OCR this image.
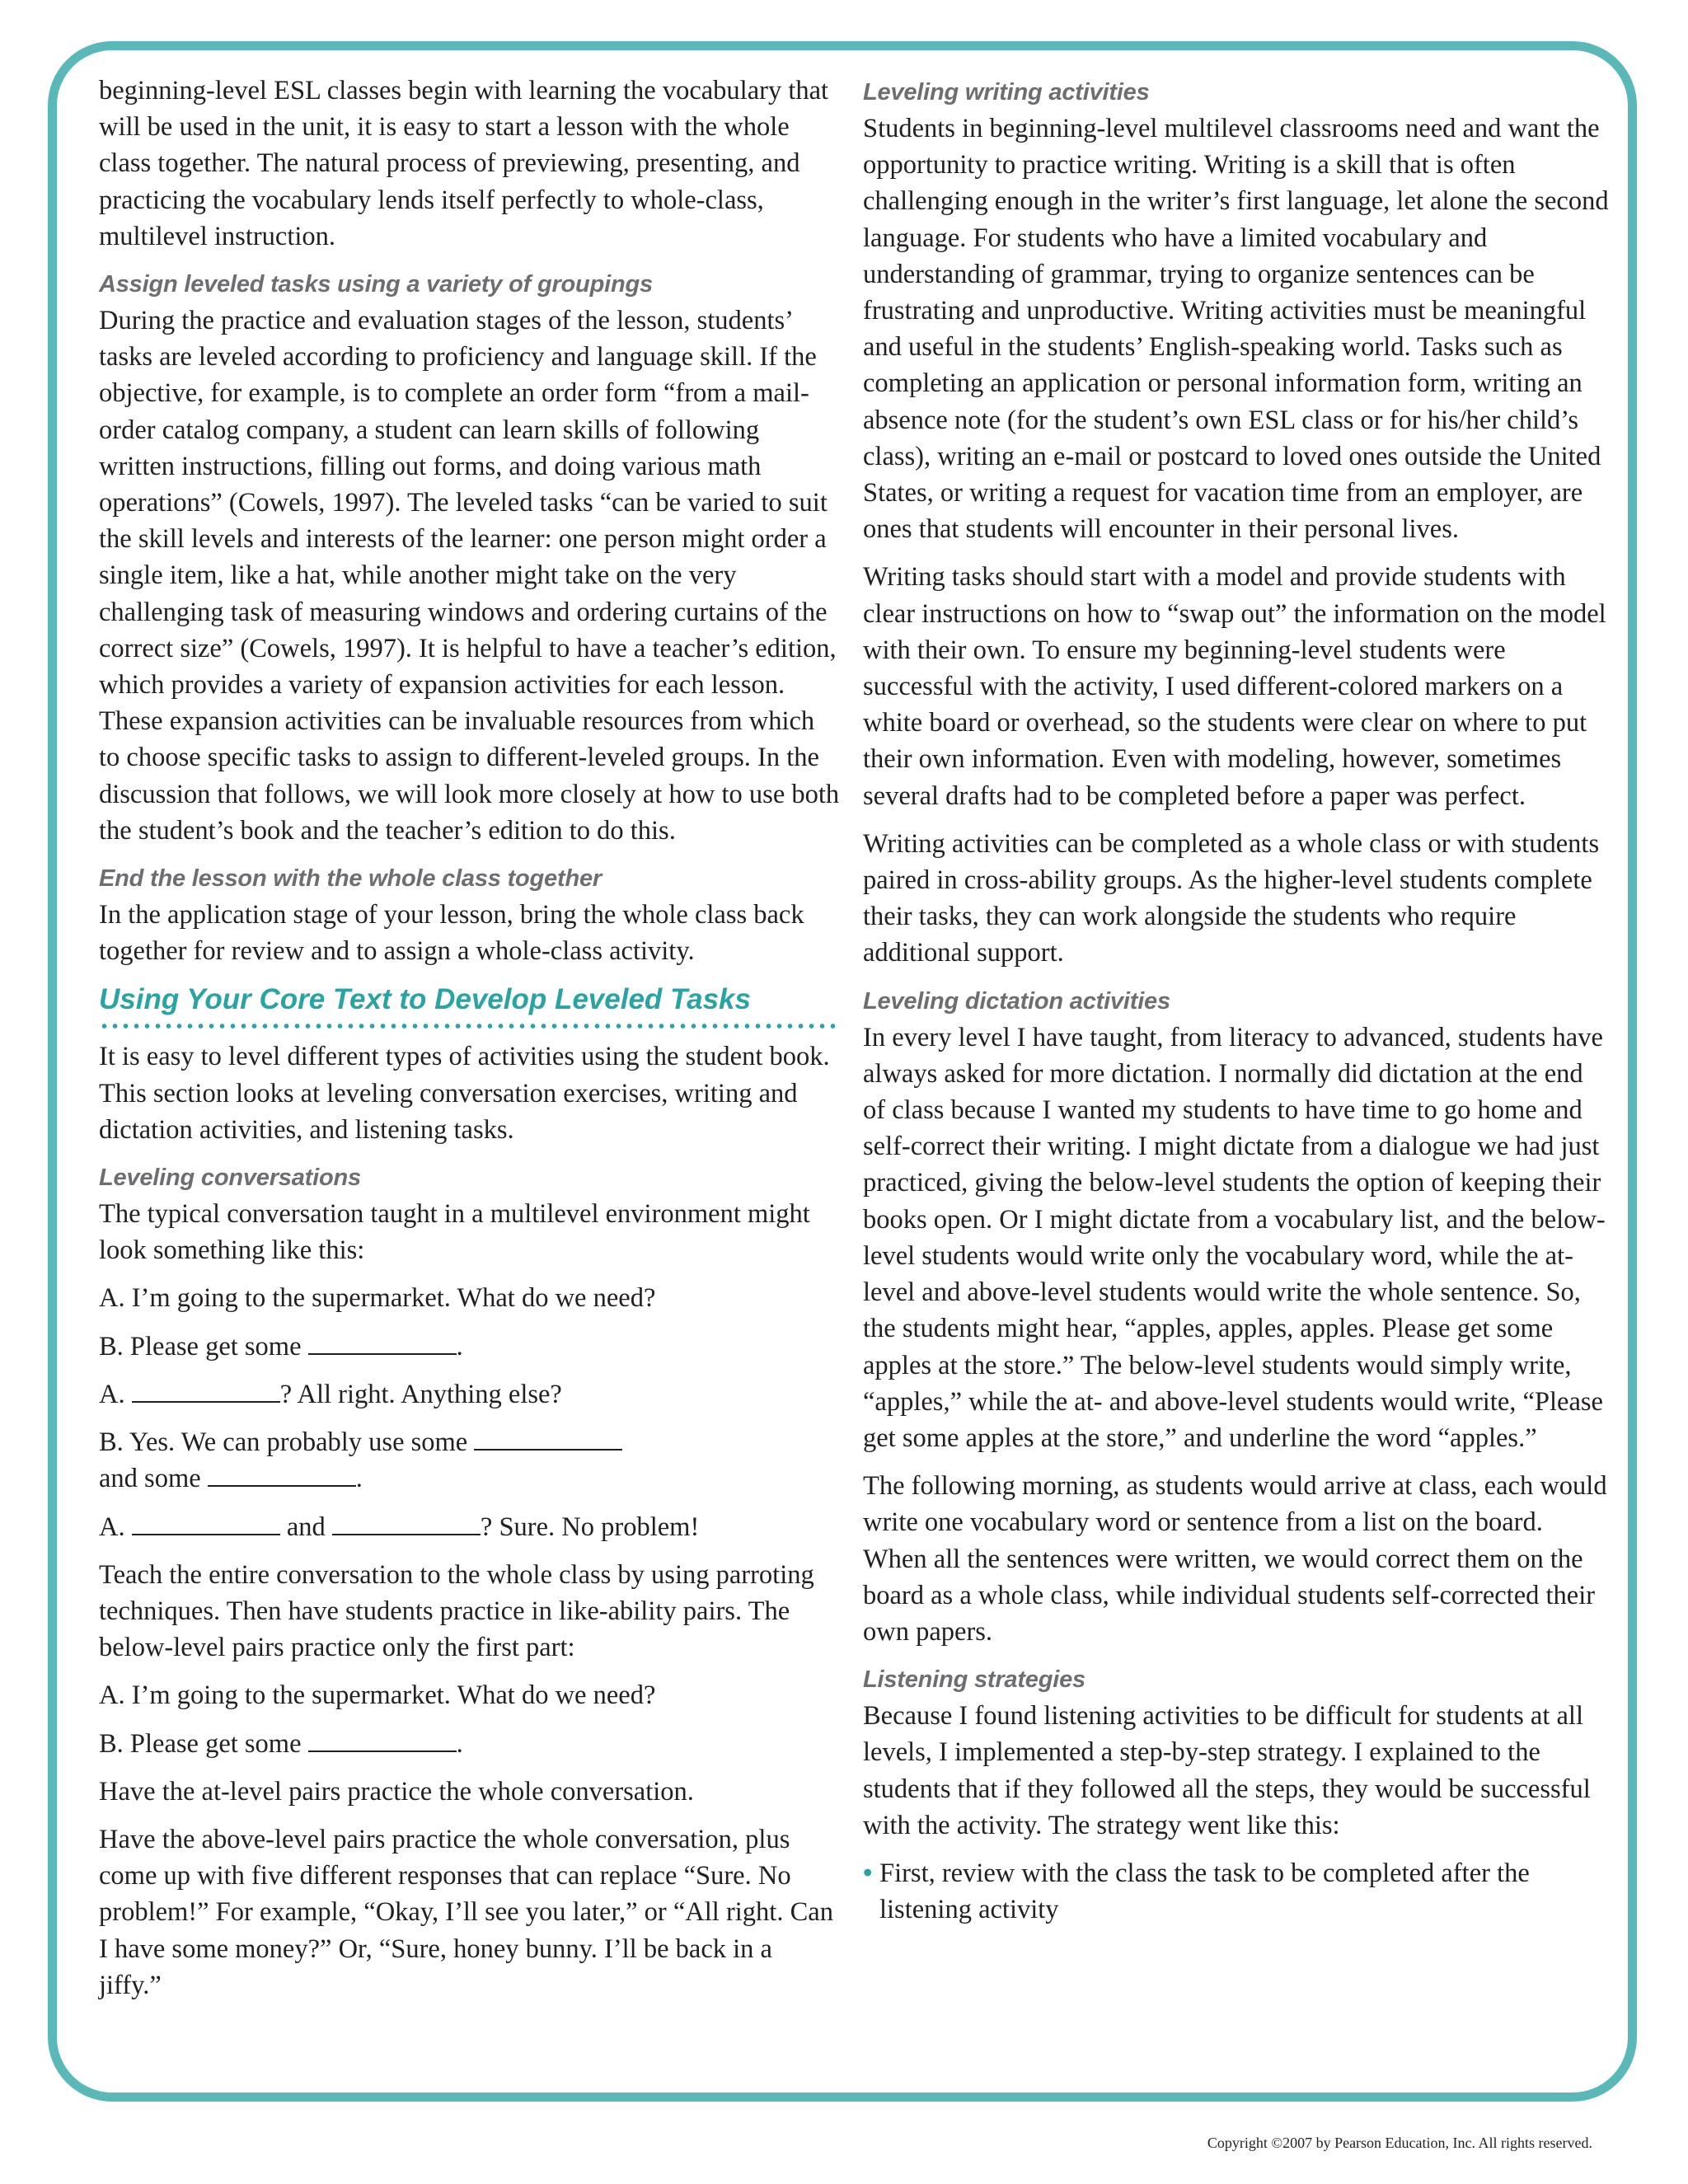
beginning-level ESL classes begin with learning the vocabulary that will be used in the unit, it is easy to start a lesson with the whole class together. The natural process of previewing, presenting, and practicing the vocabulary lends itself perfectly to whole-class, multilevel instruction.

Assign leveled tasks using a variety of groupings

During the practice and evaluation stages of the lesson, students’ tasks are leveled according to proficiency and language skill. If the objective, for example, is to complete an order form “from a mail-order catalog company, a student can learn skills of following written instructions, filling out forms, and doing various math operations” (Cowels, 1997). The leveled tasks “can be varied to suit the skill levels and interests of the learner: one person might order a single item, like a hat, while another might take on the very challenging task of measuring windows and ordering curtains of the correct size” (Cowels, 1997). It is helpful to have a teacher’s edition, which provides a variety of expansion activities for each lesson. These expansion activities can be invaluable resources from which to choose specific tasks to assign to different-leveled groups. In the discussion that follows, we will look more closely at how to use both the student’s book and the teacher’s edition to do this.

End the lesson with the whole class together

In the application stage of your lesson, bring the whole class back together for review and to assign a whole-class activity.

Using Your Core Text to Develop Leveled Tasks

It is easy to level different types of activities using the student book. This section looks at leveling conversation exercises, writing and dictation activities, and listening tasks.

Leveling conversations

The typical conversation taught in a multilevel environment might look something like this:

A. I’m going to the supermarket. What do we need?
B. Please get some	.
A.	? All right. Anything else?
B. Yes. We can probably use some
and some	.
A.	and	? Sure. No problem!

Teach the entire conversation to the whole class by using parroting techniques. Then have students practice in like-ability pairs. The below-level pairs practice only the first part:

A. I’m going to the supermarket. What do we need?
B. Please get some	.

Have the at-level pairs practice the whole conversation.

Have the above-level pairs practice the whole conversation, plus come up with five different responses that can replace “Sure. No problem!” For example, “Okay, I’ll see you later,” or “All right. Can I have some money?” Or, “Sure, honey bunny. I’ll be back in a jiffy.”

Leveling writing activities

Students in beginning-level multilevel classrooms need and want the opportunity to practice writing. Writing is a skill that is often challenging enough in the writer’s first language, let alone the second language. For students who have a limited vocabulary and understanding of grammar, trying to organize sentences can be frustrating and unproductive. Writing activities must be meaningful and useful in the students’ English-speaking world. Tasks such as completing an application or personal information form, writing an absence note (for the student’s own ESL class or for his/her child’s class), writing an e-mail or postcard to loved ones outside the United States, or writing a request for vacation time from an employer, are ones that students will encounter in their personal lives.

Writing tasks should start with a model and provide students with clear instructions on how to “swap out” the information on the model with their own. To ensure my beginning-level students were successful with the activity, I used different-colored markers on a white board or overhead, so the students were clear on where to put their own information. Even with modeling, however, sometimes several drafts had to be completed before a paper was perfect.

Writing activities can be completed as a whole class or with students paired in cross-ability groups. As the higher-level students complete their tasks, they can work alongside the students who require additional support.

Leveling dictation activities

In every level I have taught, from literacy to advanced, students have always asked for more dictation. I normally did dictation at the end of class because I wanted my students to have time to go home and self-correct their writing. I might dictate from a dialogue we had just practiced, giving the below-level students the option of keeping their books open. Or I might dictate from a vocabulary list, and the below-level students would write only the vocabulary word, while the at-level and above-level students would write the whole sentence. So, the students might hear, “apples, apples, apples. Please get some apples at the store.” The below-level students would simply write, “apples,” while the at- and above-level students would write, “Please get some apples at the store,” and underline the word “apples.”

The following morning, as students would arrive at class, each would write one vocabulary word or sentence from a list on the board. When all the sentences were written, we would correct them on the board as a whole class, while individual students self-corrected their own papers.

Listening strategies

Because I found listening activities to be difficult for students at all levels, I implemented a step-by-step strategy. I explained to the students that if they followed all the steps, they would be successful with the activity. The strategy went like this:

• First, review with the class the task to be completed after the listening activity
Copyright ©2007 by Pearson Education, Inc. All rights reserved.
